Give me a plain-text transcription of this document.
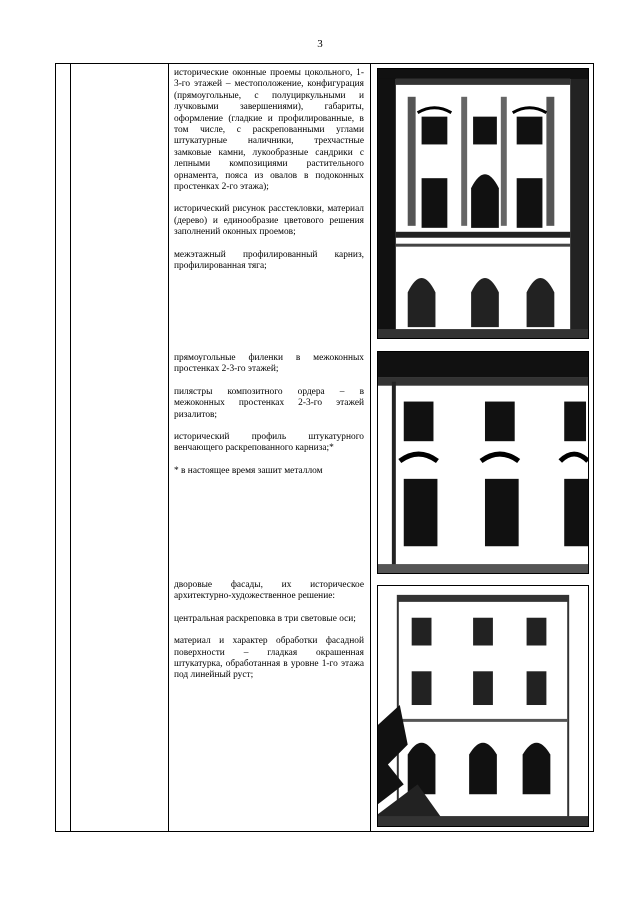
3

исторические оконные проемы цокольного, 1-3-го этажей – местоположение, конфигурация (прямоугольные, с полуциркульными и лучковыми завершениями), габариты, оформление (гладкие и профилированные, в том числе, с раскрепованными углами штукатурные наличники, трехчастные замковые камни, лукообразные сандрики с лепными композициями растительного орнамента, пояса из овалов в подоконных простенках 2-го этажа);

исторический рисунок расстекловки, материал (дерево) и единообразие цветового решения заполнений оконных проемов;

межэтажный профилированный карниз, профилированная тяга;

прямоугольные филенки в межоконных простенках 2-3-го этажей;

пилястры композитного ордера – в межоконных простенках 2-3-го этажей ризалитов;

исторический профиль штукатурного венчающего раскрепованного карниза;*

* в настоящее время зашит металлом

дворовые фасады, их историческое архитектурно-художественное решение:

центральная раскреповка в три световые оси;

материал и характер обработки фасадной поверхности – гладкая окрашенная штукатурка, обработанная в уровне 1-го этажа под линейный руст;
